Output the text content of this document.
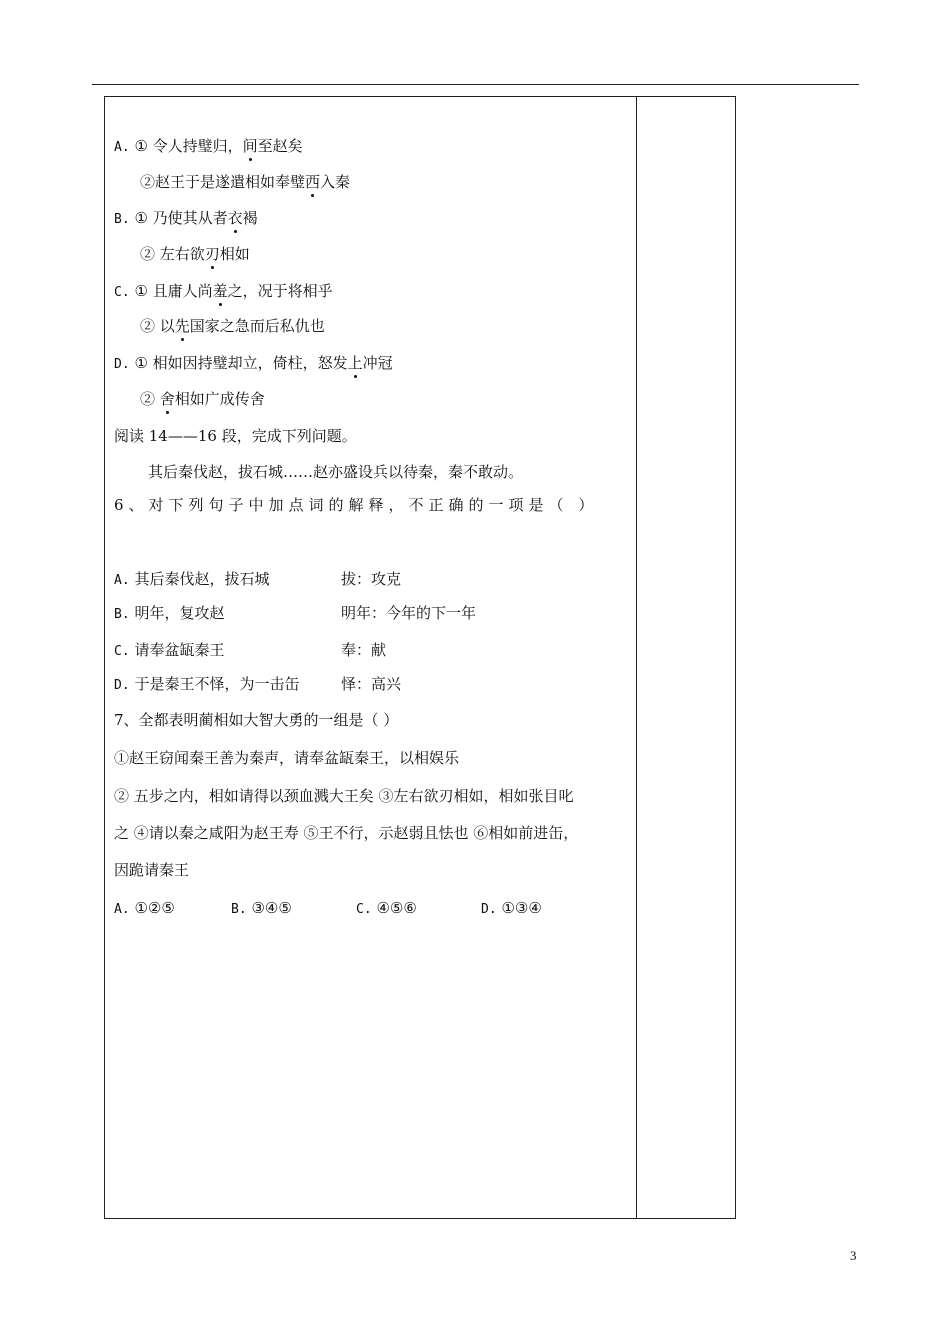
A. ① 令人持璧归，间至赵矣
②赵王于是遂遣相如奉璧西入秦
B. ① 乃使其从者衣褐
② 左右欲刃相如
C. ① 且庸人尚羞之，况于将相乎
② 以先国家之急而后私仇也
D. ① 相如因持璧却立，倚柱，怒发上冲冠
② 舍相如广成传舍
阅读 14——16 段，完成下列问题。
其后秦伐赵，拔石城……赵亦盛设兵以待秦，秦不敢动。
6、对下列句子中加点词的解释，不正确的一项是（ ）
A. 其后秦伐赵，拔石城	拔：攻克
B. 明年，复攻赵	明年：今年的下一年
C. 请奉盆缻秦王	奉：献
D. 于是秦王不怿，为一击缶	怿：高兴
7、全都表明蔺相如大智大勇的一组是（ ）
①赵王窃闻秦王善为秦声，请奉盆缻秦王，以相娱乐
② 五步之内，相如请得以颈血溅大王矣 ③左右欲刃相如，相如张目叱
之 ④请以秦之咸阳为赵王寿 ⑤王不行，示赵弱且怯也 ⑥相如前进缶，
因跪请秦王
A. ①②⑤	B. ③④⑤	C. ④⑤⑥	D. ①③④
3
